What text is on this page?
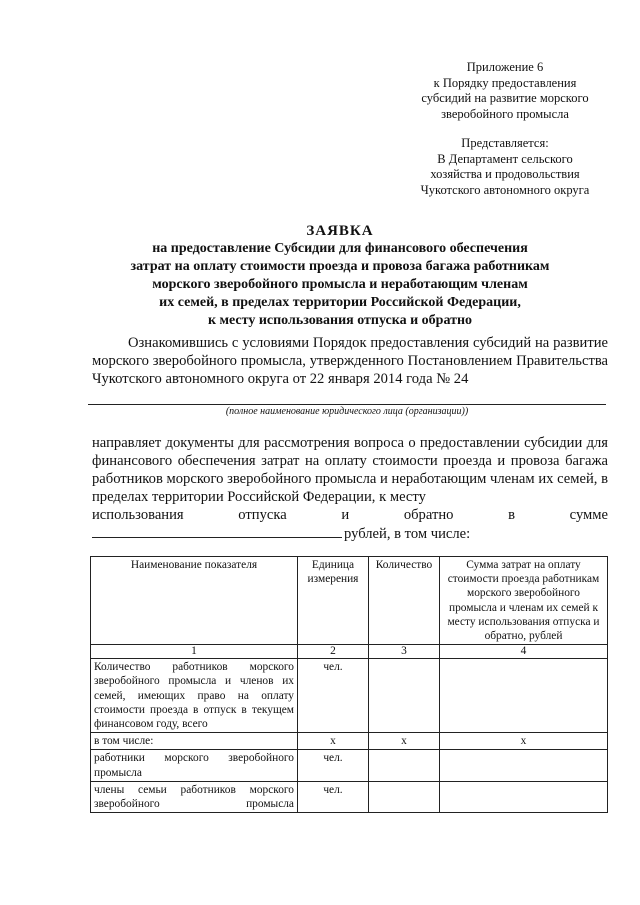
Приложение 6
к Порядку предоставления
субсидий на развитие морского
зверобойного промысла
Представляется:
В Департамент сельского
хозяйства и продовольствия
Чукотского автономного округа
ЗАЯВКА
на предоставление Субсидии для финансового обеспечения
затрат на оплату стоимости проезда и провоза багажа работникам
морского зверобойного промысла и неработающим членам
их семей, в пределах территории Российской Федерации,
к месту использования отпуска и обратно
Ознакомившись с условиями Порядок предоставления субсидий на развитие морского зверобойного промысла, утвержденного Постановлением Правительства Чукотского автономного округа от 22 января 2014 года № 24
(полное наименование юридического лица (организации))
направляет документы для рассмотрения вопроса о предоставлении субсидии для финансового обеспечения затрат на оплату стоимости проезда и провоза багажа работников морского зверобойного промысла и неработающим членам их семей, в пределах территории Российской Федерации, к месту
использования	отпуска	и	обратно	в	сумме
рублей, в том числе:
Наименование показателя	Единица измерения	Количество	Сумма затрат на оплату стоимости проезда работникам морского зверобойного промысла и членам их семей к месту использования отпуска и обратно, рублей
1	2	3	4
Количество работников морского зверобойного промысла и членов их семей, имеющих право на оплату стоимости проезда в отпуск в текущем финансовом году, всего	чел.		
в том числе:	x	x	x
работники морского зверобойного промысла	чел.		
члены семьи работников морского зверобойного промысла	чел.		
